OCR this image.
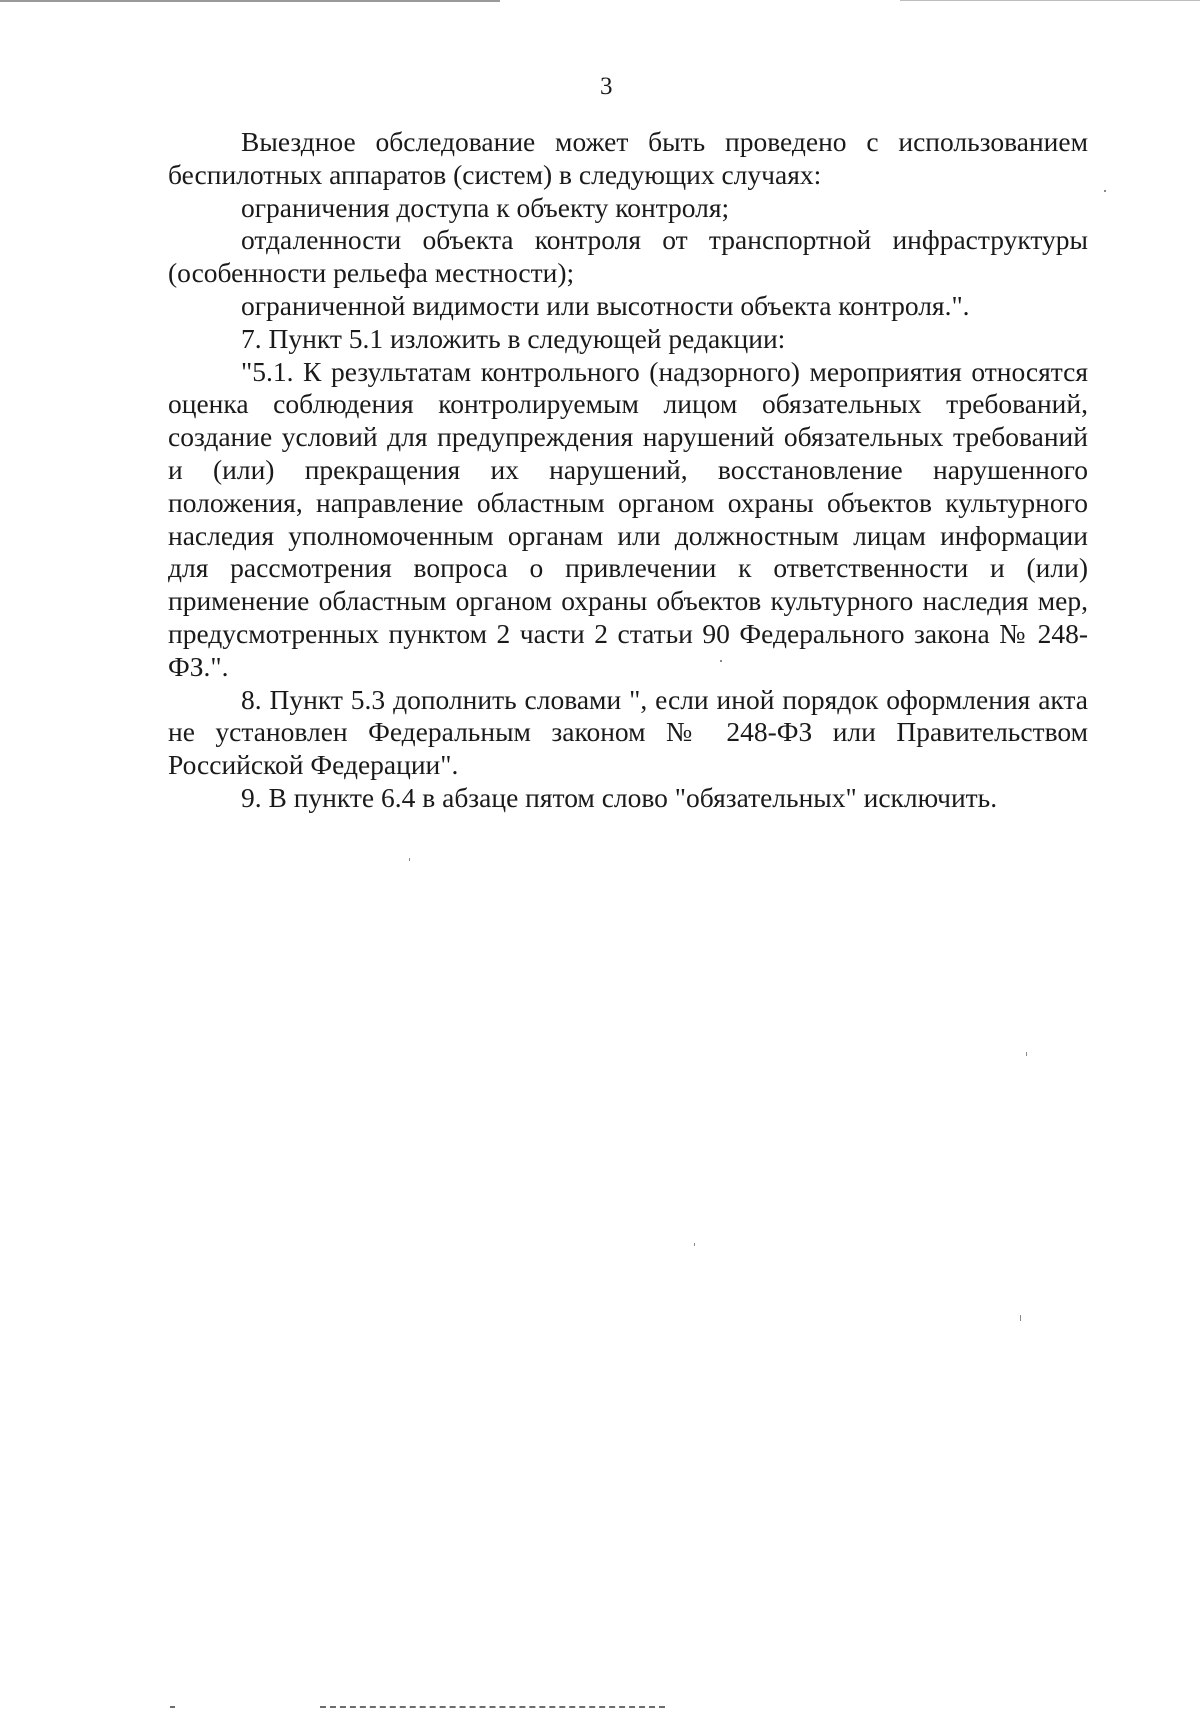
3

Выездное обследование может быть проведено с использованием беспилотных аппаратов (систем) в следующих случаях:

ограничения доступа к объекту контроля;

отдаленности объекта контроля от транспортной инфраструктуры (особенности рельефа местности);

ограниченной видимости или высотности объекта контроля.".

7. Пункт 5.1 изложить в следующей редакции:

"5.1. К результатам контрольного (надзорного) мероприятия относятся оценка соблюдения контролируемым лицом обязательных требований, создание условий для предупреждения нарушений обязательных требований и (или) прекращения их нарушений, восстановление нарушенного положения, направление областным органом охраны объектов культурного наследия уполномоченным органам или должностным лицам информации для рассмотрения вопроса о привлечении к ответственности и (или) применение областным органом охраны объектов культурного наследия мер, предусмотренных пунктом 2 части 2 статьи 90 Федерального закона № 248-ФЗ.".

8. Пункт 5.3 дополнить словами ", если иной порядок оформления акта не установлен Федеральным законом № 248-ФЗ или Правительством Российской Федерации".

9. В пункте 6.4 в абзаце пятом слово "обязательных" исключить.
